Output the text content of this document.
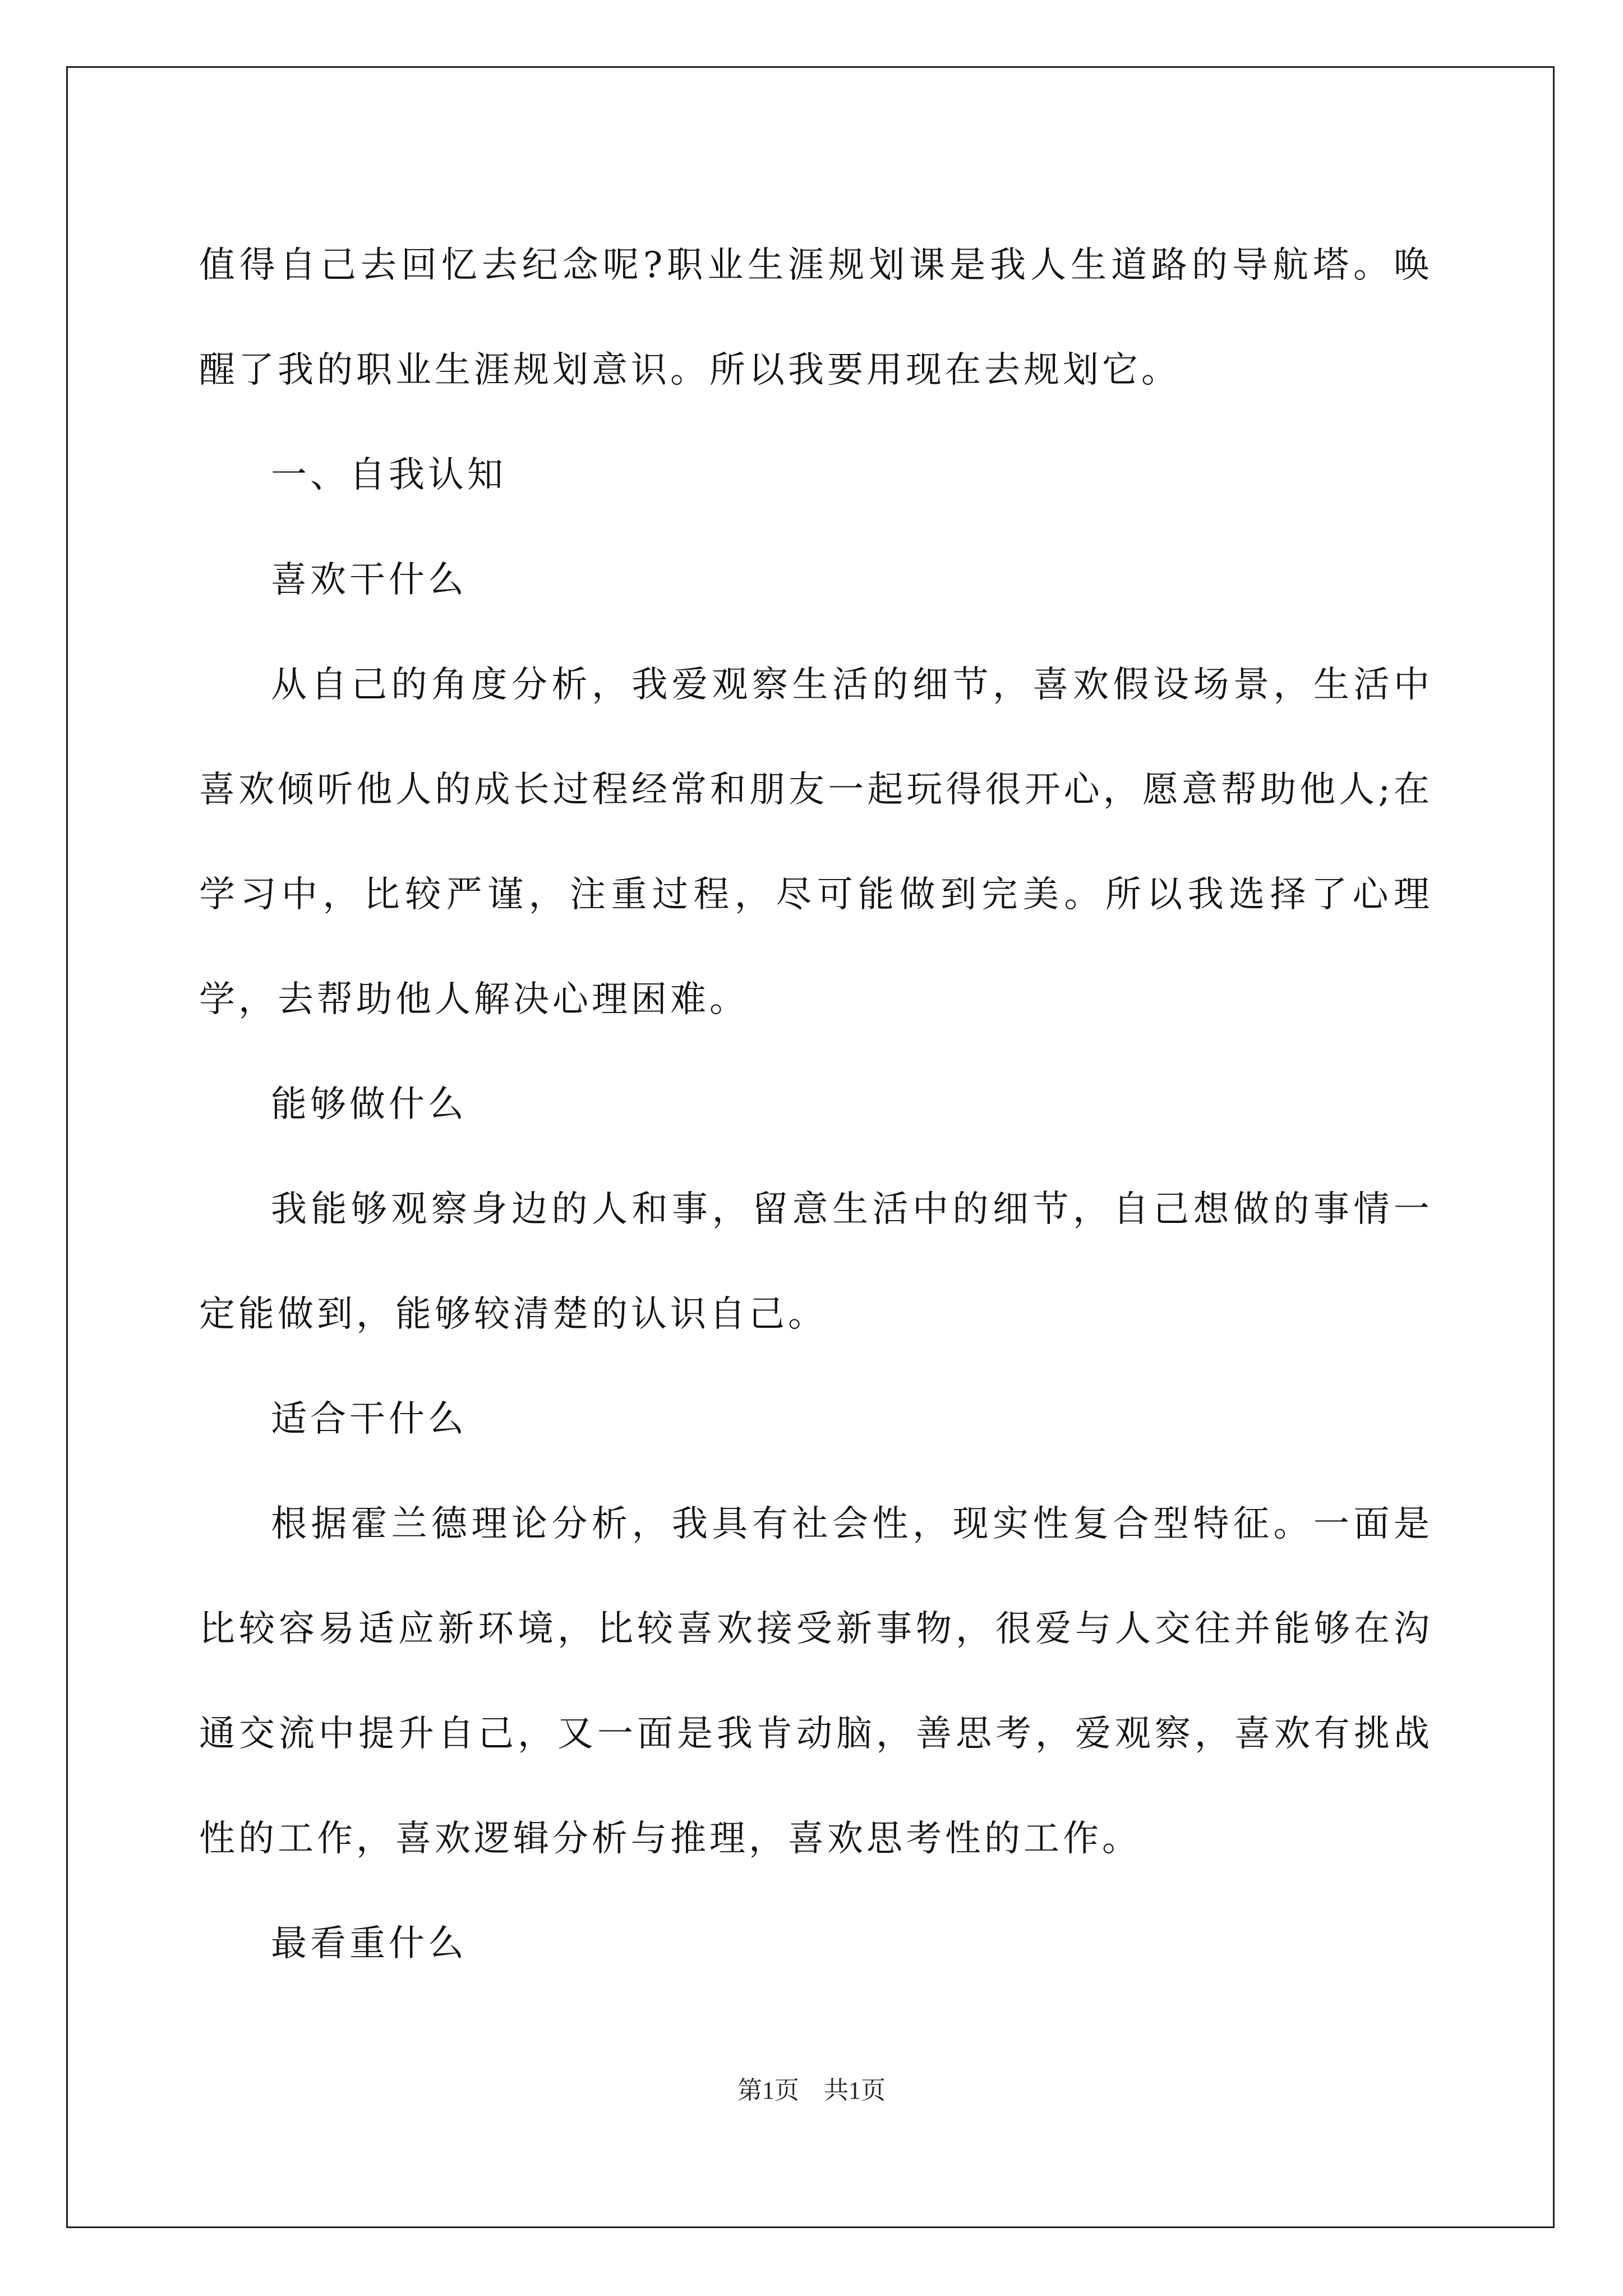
值得自己去回忆去纪念呢?职业生涯规划课是我人生道路的导航塔。唤醒了我的职业生涯规划意识。所以我要用现在去规划它。

一、自我认知

喜欢干什么

从自己的角度分析，我爱观察生活的细节，喜欢假设场景，生活中喜欢倾听他人的成长过程经常和朋友一起玩得很开心，愿意帮助他人;在学习中，比较严谨，注重过程，尽可能做到完美。所以我选择了心理学，去帮助他人解决心理困难。

能够做什么

我能够观察身边的人和事，留意生活中的细节，自己想做的事情一定能做到，能够较清楚的认识自己。

适合干什么

根据霍兰德理论分析，我具有社会性，现实性复合型特征。一面是比较容易适应新环境，比较喜欢接受新事物，很爱与人交往并能够在沟通交流中提升自己，又一面是我肯动脑，善思考，爱观察，喜欢有挑战性的工作，喜欢逻辑分析与推理，喜欢思考性的工作。

最看重什么

第1页　共1页
